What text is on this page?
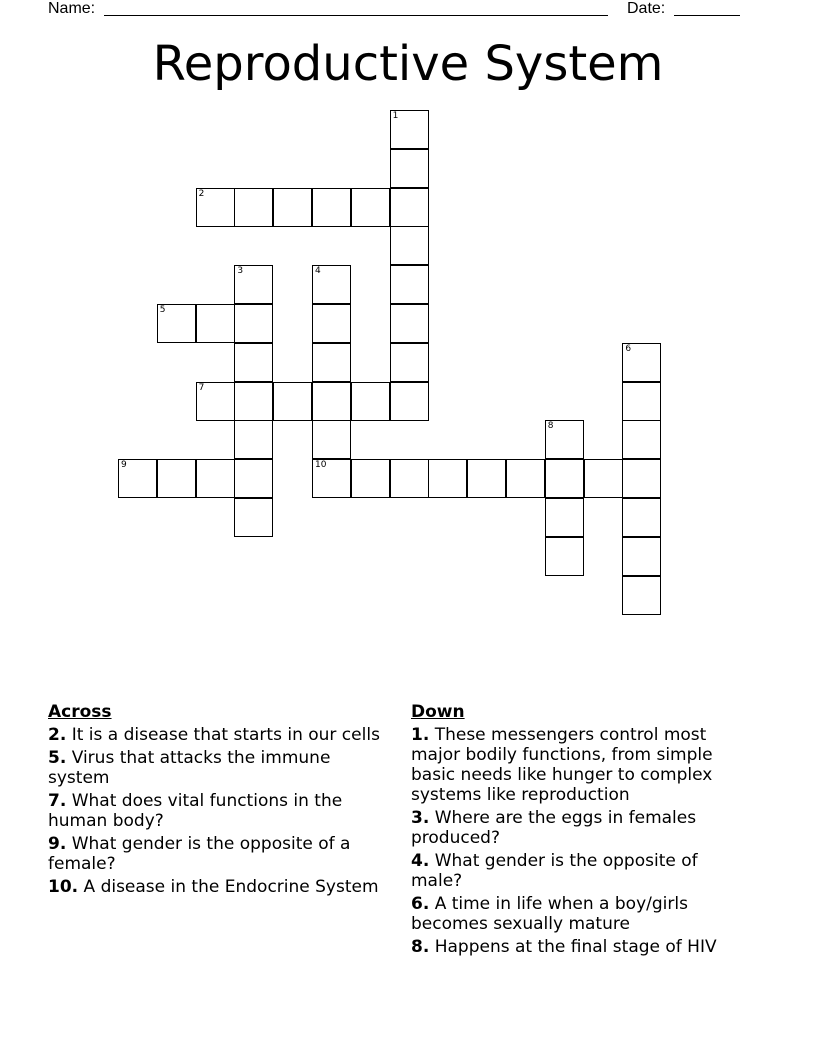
Name:	Date:
Reproductive System
1
2
3	4
5
6
7
8
9	10
Across
2. It is a disease that starts in our cells
5. Virus that attacks the immune system
7. What does vital functions in the human body?
9. What gender is the opposite of a female?
10. A disease in the Endocrine System
Down
1. These messengers control most major bodily functions, from simple basic needs like hunger to complex systems like reproduction
3. Where are the eggs in females produced?
4. What gender is the opposite of male?
6. A time in life when a boy/girls becomes sexually mature
8. Happens at the final stage of HIV
